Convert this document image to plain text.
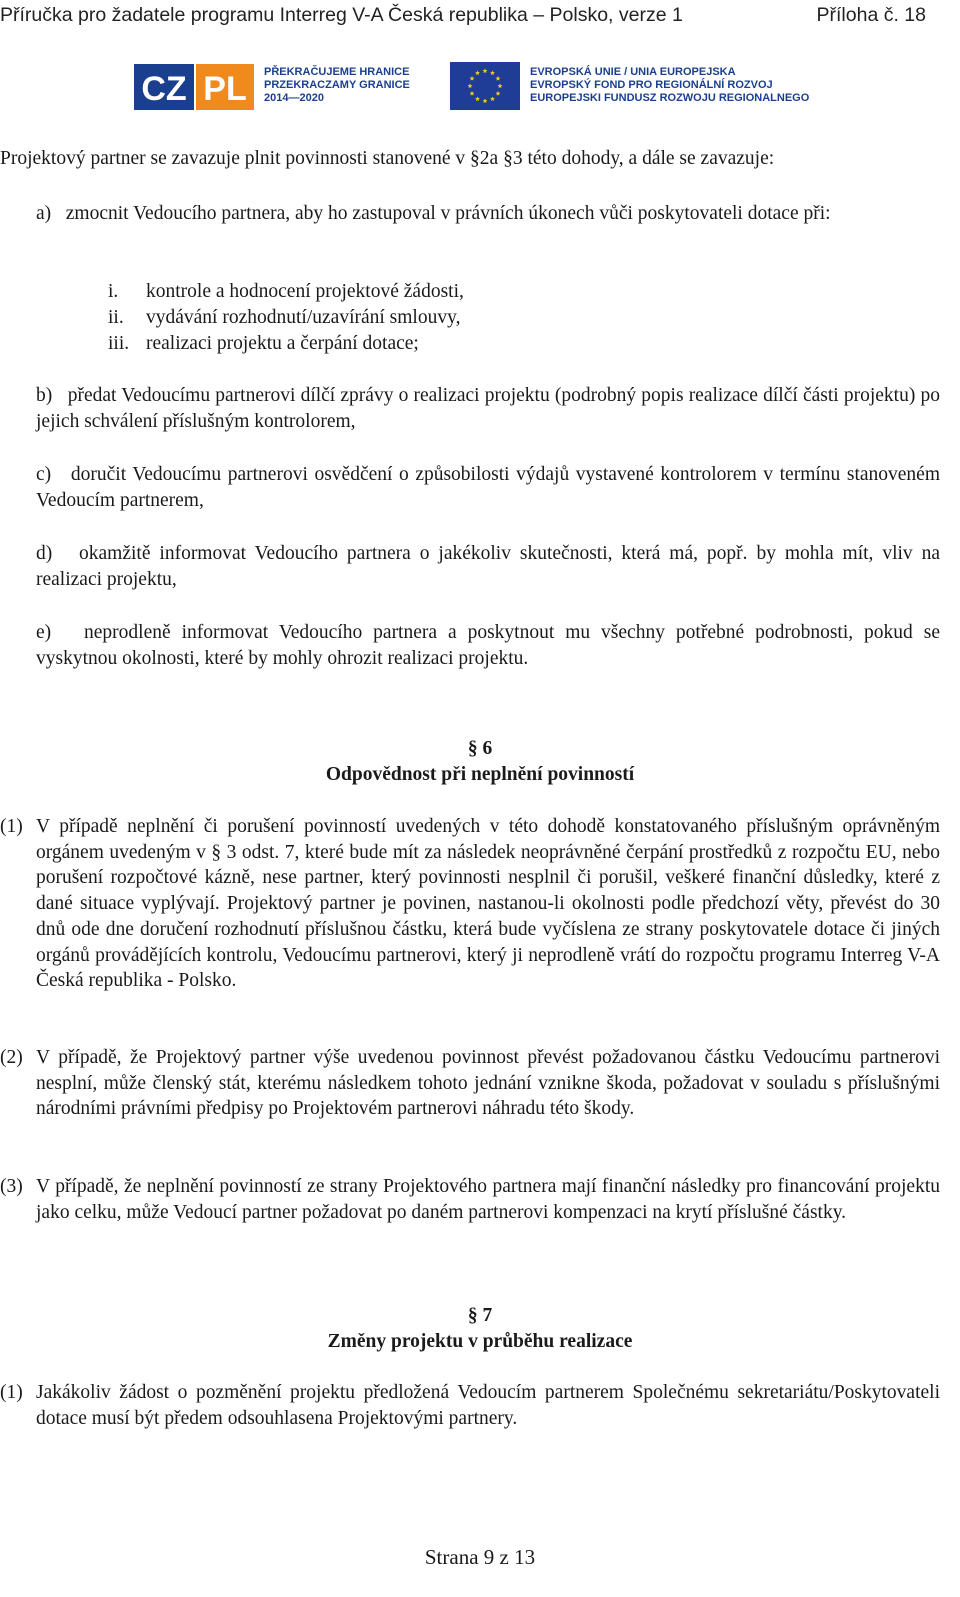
Příručka pro žadatele programu Interreg V-A Česká republika – Polsko, verze 1	Příloha č. 18
CZ PL PŘEKRAČUJEME HRANICE
PRZEKRACZAMY GRANICE
2014—2020
EVROPSKÁ UNIE / UNIA EUROPEJSKA
EVROPSKÝ FOND PRO REGIONÁLNÍ ROZVOJ
EUROPEJSKI FUNDUSZ ROZWOJU REGIONALNEGO
Projektový partner se zavazuje plnit povinnosti stanovené v §2a §3 této dohody, a dále se zavazuje:
a) zmocnit Vedoucího partnera, aby ho zastupoval v právních úkonech vůči poskytovateli dotace při:
i. kontrole a hodnocení projektové žádosti,
ii. vydávání rozhodnutí/uzavírání smlouvy,
iii. realizaci projektu a čerpání dotace;
b) předat Vedoucímu partnerovi dílčí zprávy o realizaci projektu (podrobný popis realizace dílčí části projektu) po jejich schválení příslušným kontrolorem,
c) doručit Vedoucímu partnerovi osvědčení o způsobilosti výdajů vystavené kontrolorem v termínu stanoveném Vedoucím partnerem,
d) okamžitě informovat Vedoucího partnera o jakékoliv skutečnosti, která má, popř. by mohla mít, vliv na realizaci projektu,
e) neprodleně informovat Vedoucího partnera a poskytnout mu všechny potřebné podrobnosti, pokud se vyskytnou okolnosti, které by mohly ohrozit realizaci projektu.
§ 6
Odpovědnost při neplnění povinností
(1) V případě neplnění či porušení povinností uvedených v této dohodě konstatovaného příslušným oprávněným orgánem uvedeným v § 3 odst. 7, které bude mít za následek neoprávněné čerpání prostředků z rozpočtu EU, nebo porušení rozpočtové kázně, nese partner, který povinnosti nesplnil či porušil, veškeré finanční důsledky, které z dané situace vyplývají. Projektový partner je povinen, nastanou-li okolnosti podle předchozí věty, převést do 30 dnů ode dne doručení rozhodnutí příslušnou částku, která bude vyčíslena ze strany poskytovatele dotace či jiných orgánů provádějících kontrolu, Vedoucímu partnerovi, který ji neprodleně vrátí do rozpočtu programu Interreg V-A Česká republika - Polsko.
(2) V případě, že Projektový partner výše uvedenou povinnost převést požadovanou částku Vedoucímu partnerovi nesplní, může členský stát, kterému následkem tohoto jednání vznikne škoda, požadovat v souladu s příslušnými národními právními předpisy po Projektovém partnerovi náhradu této škody.
(3) V případě, že neplnění povinností ze strany Projektového partnera mají finanční následky pro financování projektu jako celku, může Vedoucí partner požadovat po daném partnerovi kompenzaci na krytí příslušné částky.
§ 7
Změny projektu v průběhu realizace
(1) Jakákoliv žádost o pozměnění projektu předložená Vedoucím partnerem Společnému sekretariátu/Poskytovateli dotace musí být předem odsouhlasena Projektovými partnery.
Strana 9 z 13
